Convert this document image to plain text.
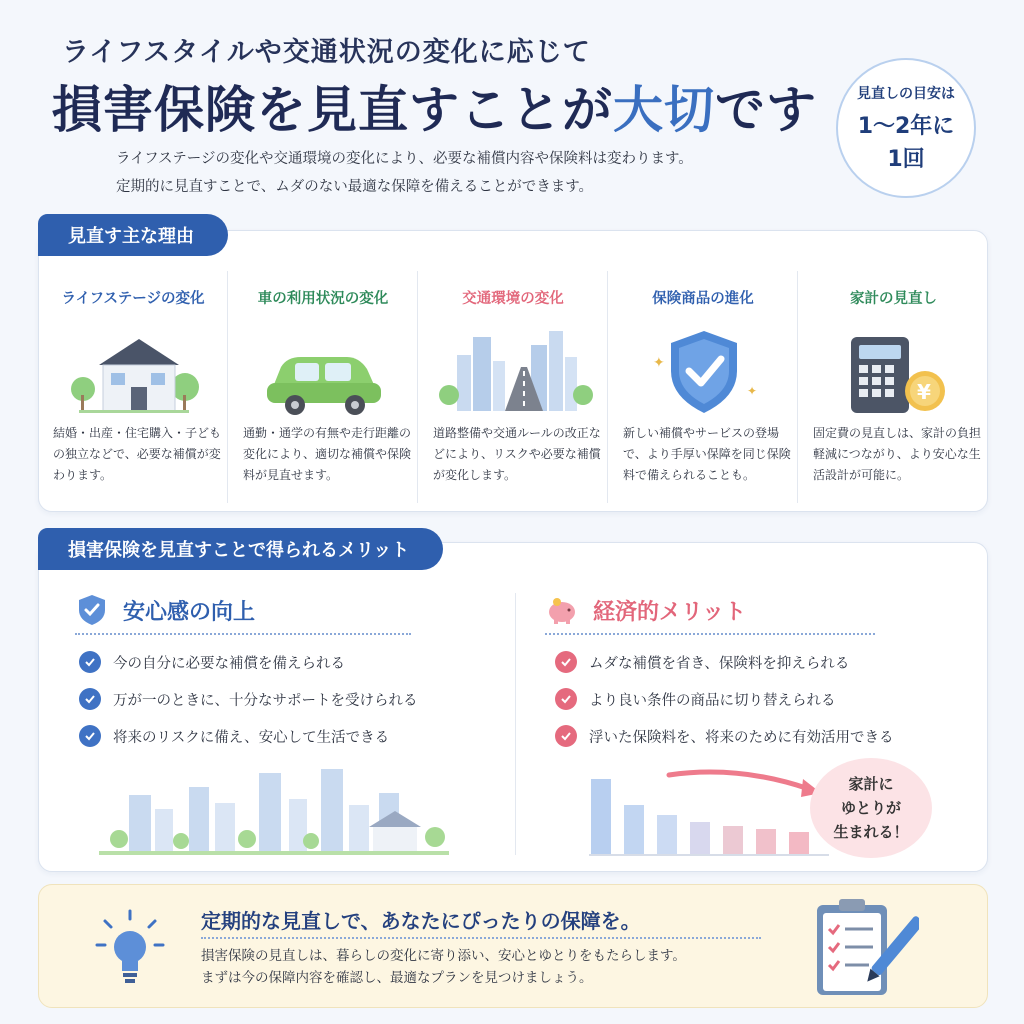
ライフスタイルや交通状況の変化に応じて
損害保険を見直すことが大切です
ライフステージの変化や交通環境の変化により、必要な補償内容や保険料は変わります。
定期的に見直すことで、ムダのない最適な保障を備えることができます。
見直しの目安は
1〜2年に
1回
ライフステージの変化
結婚・出産・住宅購入・子どもの独立などで、必要な補償が変わります。
車の利用状況の変化
通勤・通学の有無や走行距離の変化により、適切な補償や保険料が見直せます。
交通環境の変化
道路整備や交通ルールの改正などにより、リスクや必要な補償が変化します。
保険商品の進化
✦
✦
新しい補償やサービスの登場で、より手厚い保障を同じ保険料で備えられることも。
家計の見直し
¥
固定費の見直しは、家計の負担軽減につながり、より安心な生活設計が可能に。
見直す主な理由
安心感の向上
今の自分に必要な補償を備えられる
万が一のときに、十分なサポートを受けられる
将来のリスクに備え、安心して生活できる
経済的メリット
ムダな補償を省き、保険料を抑えられる
より良い条件の商品に切り替えられる
浮いた保険料を、将来のために有効活用できる
損害保険を見直すことで得られるメリット
家計に
ゆとりが
生まれる！
定期的な見直しで、あなたにぴったりの保障を。
損害保険の見直しは、暮らしの変化に寄り添い、安心とゆとりをもたらします。
まずは今の保障内容を確認し、最適なプランを見つけましょう。
